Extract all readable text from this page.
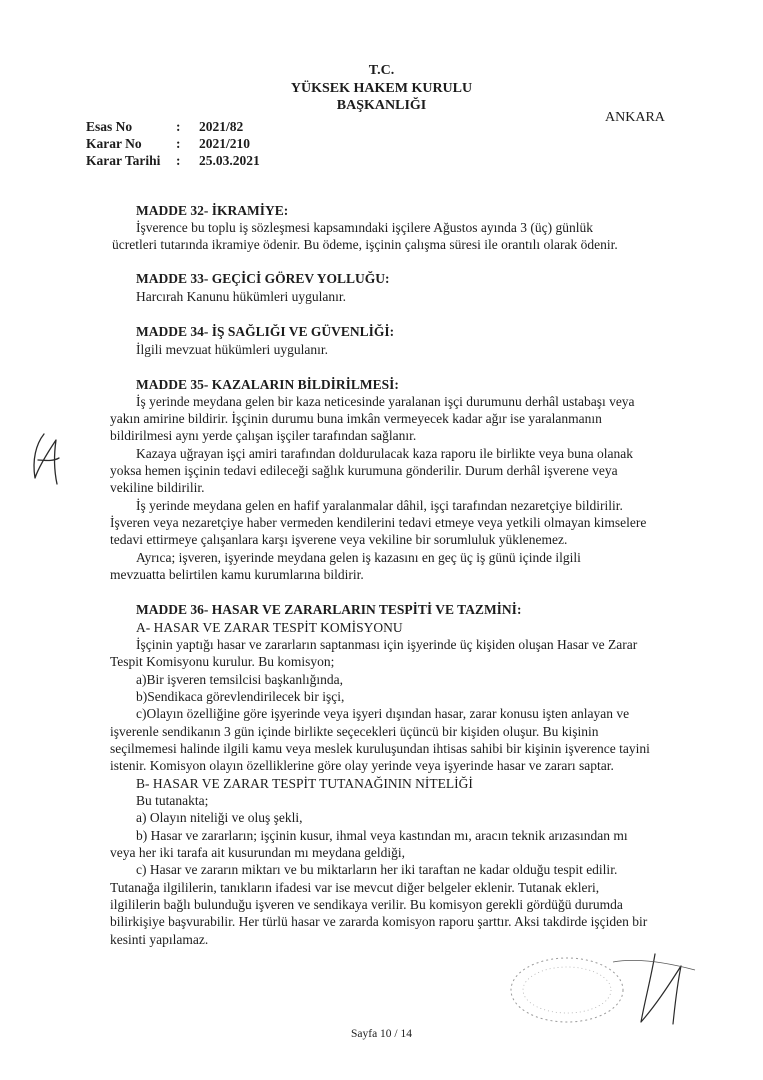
T.C.
YÜKSEK HAKEM KURULU
BAŞKANLIĞI
ANKARA
Esas No	: 2021/82
Karar No	: 2021/210
Karar Tarihi	: 25.03.2021
MADDE 32- İKRAMİYE:
İşverence bu toplu iş sözleşmesi kapsamındaki işçilere Ağustos ayında 3 (üç) günlük
ücretleri tutarında ikramiye ödenir. Bu ödeme, işçinin çalışma süresi ile orantılı olarak ödenir.
MADDE 33- GEÇİCİ GÖREV YOLLUĞU:
Harcırah Kanunu hükümleri uygulanır.
MADDE 34- İŞ SAĞLIĞI VE GÜVENLİĞİ:
İlgili mevzuat hükümleri uygulanır.
MADDE 35- KAZALARIN BİLDİRİLMESİ:
İş yerinde meydana gelen bir kaza neticesinde yaralanan işçi durumunu derhâl ustabaşı veya
yakın amirine bildirir. İşçinin durumu buna imkân vermeyecek kadar ağır ise yaralanmanın
bildirilmesi aynı yerde çalışan işçiler tarafından sağlanır.
Kazaya uğrayan işçi amiri tarafından doldurulacak kaza raporu ile birlikte veya buna olanak
yoksa hemen işçinin tedavi edileceği sağlık kurumuna gönderilir. Durum derhâl işverene veya
vekiline bildirilir.
İş yerinde meydana gelen en hafif yaralanmalar dâhil, işçi tarafından nezaretçiye bildirilir.
İşveren veya nezaretçiye haber vermeden kendilerini tedavi etmeye veya yetkili olmayan kimselere
tedavi ettirmeye çalışanlara karşı işverene veya vekiline bir sorumluluk yüklenemez.
Ayrıca; işveren, işyerinde meydana gelen iş kazasını en geç üç iş günü içinde ilgili
mevzuatta belirtilen kamu kurumlarına bildirir.
MADDE 36- HASAR VE ZARARLARIN TESPİTİ VE TAZMİNİ:
A- HASAR VE ZARAR TESPİT KOMİSYONU
İşçinin yaptığı hasar ve zararların saptanması için işyerinde üç kişiden oluşan Hasar ve Zarar
Tespit Komisyonu kurulur. Bu komisyon;
a)Bir işveren temsilcisi başkanlığında,
b)Sendikaca görevlendirilecek bir işçi,
c)Olayın özelliğine göre işyerinde veya işyeri dışından hasar, zarar konusu işten anlayan ve
işverenle sendikanın 3 gün içinde birlikte seçecekleri üçüncü bir kişiden oluşur. Bu kişinin
seçilmemesi halinde ilgili kamu veya meslek kuruluşundan ihtisas sahibi bir kişinin işverence tayini
istenir. Komisyon olayın özelliklerine göre olay yerinde veya işyerinde hasar ve zararı saptar.
B- HASAR VE ZARAR TESPİT TUTANAĞININ NİTELİĞİ
Bu tutanakta;
a) Olayın niteliği ve oluş şekli,
b) Hasar ve zararların; işçinin kusur, ihmal veya kastından mı, aracın teknik arızasından mı
veya her iki tarafa ait kusurundan mı meydana geldiği,
c) Hasar ve zararın miktarı ve bu miktarların her iki taraftan ne kadar olduğu tespit edilir.
Tutanağa ilgililerin, tanıkların ifadesi var ise mevcut diğer belgeler eklenir. Tutanak ekleri,
ilgililerin bağlı bulunduğu işveren ve sendikaya verilir. Bu komisyon gerekli gördüğü durumda
bilirkişiye başvurabilir. Her türlü hasar ve zararda komisyon raporu şarttır. Aksi takdirde işçiden bir
kesinti yapılamaz.
Sayfa 10 / 14
